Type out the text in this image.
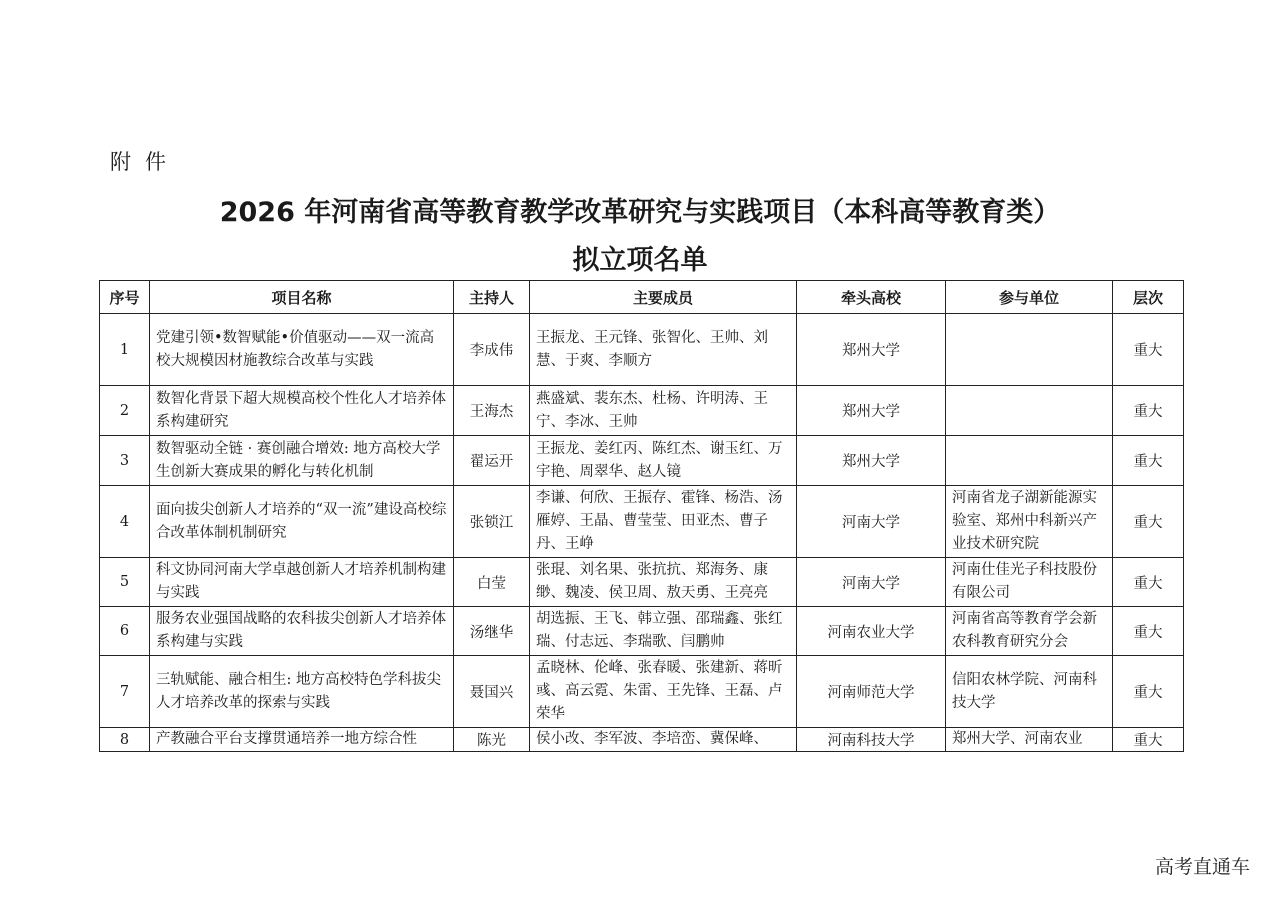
附件
2026 年河南省高等教育教学改革研究与实践项目（本科高等教育类）
拟立项名单
序号	项目名称	主持人	主要成员	牵头高校	参与单位	层次
1	党建引领•数智赋能•价值驱动——双一流高校大规模因材施教综合改革与实践	李成伟	王振龙、王元锋、张智化、王帅、刘慧、于爽、李顺方	郑州大学		重大
2	数智化背景下超大规模高校个性化人才培养体系构建研究	王海杰	燕盛斌、裴东杰、杜杨、许明涛、王宁、李冰、王帅	郑州大学		重大
3	数智驱动全链 · 赛创融合增效: 地方高校大学生创新大赛成果的孵化与转化机制	翟运开	王振龙、姜红丙、陈红杰、谢玉红、万宇艳、周翠华、赵人镜	郑州大学		重大
4	面向拔尖创新人才培养的“双一流”建设高校综合改革体制机制研究	张锁江	李谦、何欣、王振存、霍锋、杨浩、汤雁婷、王晶、曹莹莹、田亚杰、曹子丹、王峥	河南大学	河南省龙子湖新能源实验室、郑州中科新兴产业技术研究院	重大
5	科文协同河南大学卓越创新人才培养机制构建与实践	白莹	张琨、刘名果、张抗抗、郑海务、康缈、魏凌、侯卫周、敖天勇、王亮亮	河南大学	河南仕佳光子科技股份有限公司	重大
6	服务农业强国战略的农科拔尖创新人才培养体系构建与实践	汤继华	胡选振、王飞、韩立强、邵瑞鑫、张红瑞、付志远、李瑞歌、闫鹏帅	河南农业大学	河南省高等教育学会新农科教育研究分会	重大
7	三轨赋能、融合相生: 地方高校特色学科拔尖人才培养改革的探索与实践	聂国兴	孟晓林、伦峰、张春暖、张建新、蒋昕彧、高云霓、朱雷、王先锋、王磊、卢荣华	河南师范大学	信阳农林学院、河南科技大学	重大
8	产教融合平台支撑贯通培养一地方综合性	陈光	侯小改、李军波、李培峦、冀保峰、	河南科技大学	郑州大学、河南农业	重大
高考直通车
